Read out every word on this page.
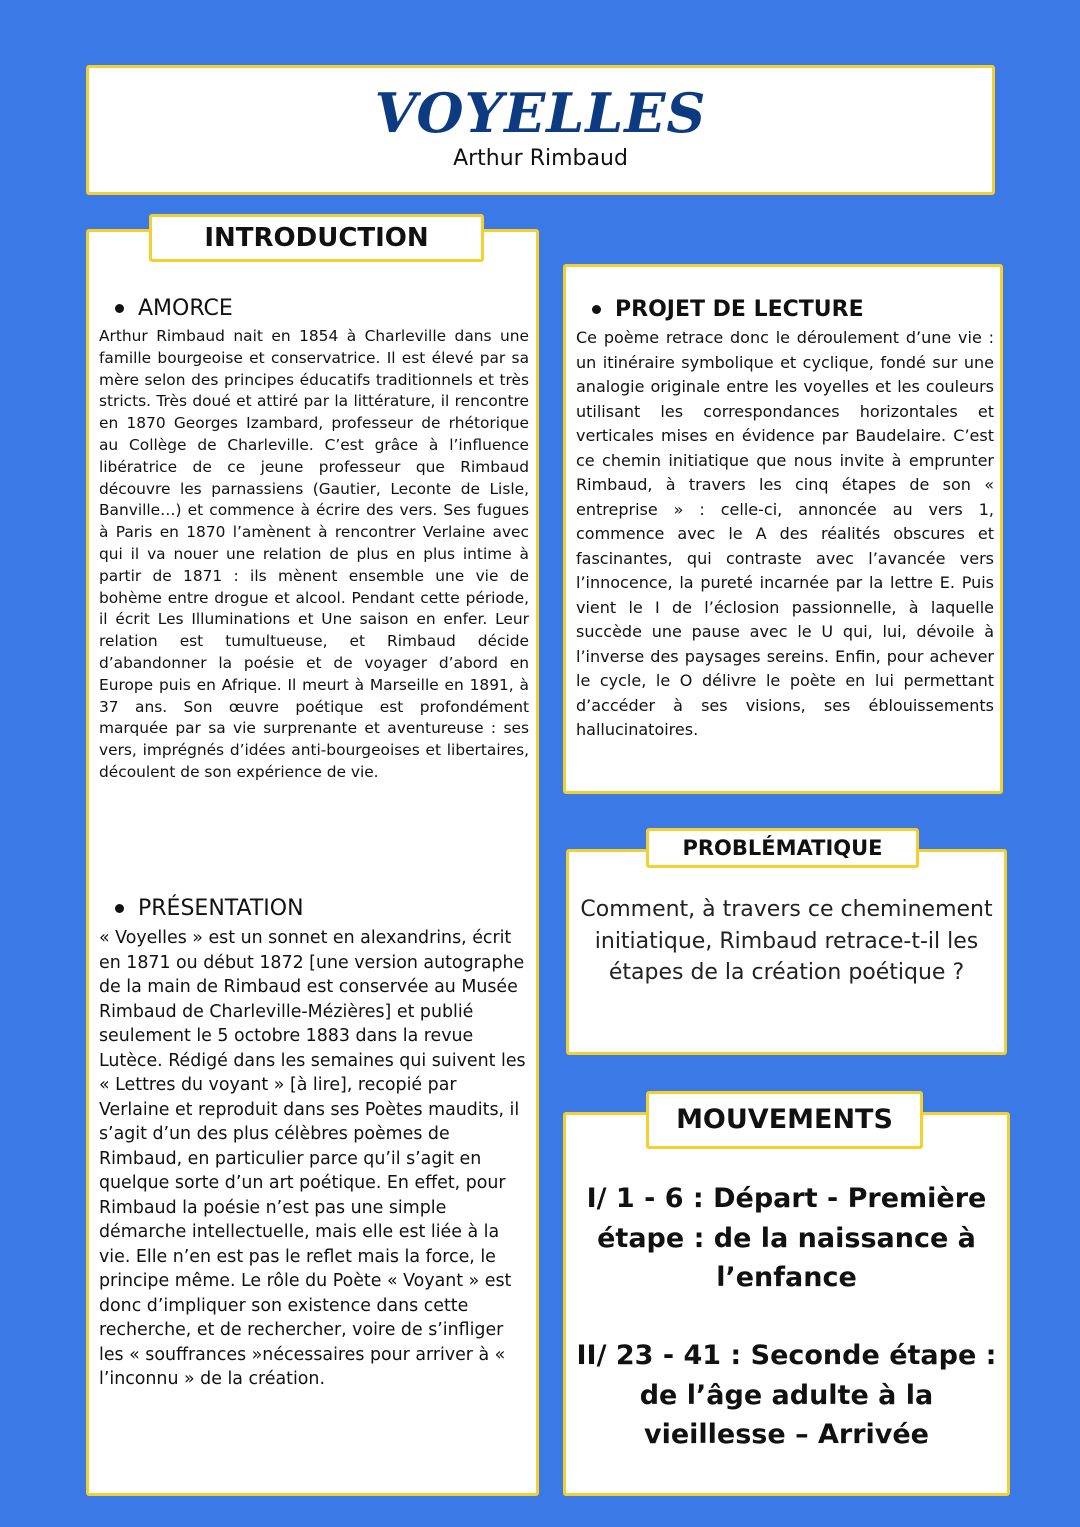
VOYELLES
Arthur Rimbaud
AMORCE
Arthur Rimbaud nait en 1854 à Charleville dans une famille bourgeoise et conservatrice. Il est élevé par sa mère selon des principes éducatifs traditionnels et très stricts. Très doué et attiré par la littérature, il rencontre en 1870 Georges Izambard, professeur de rhétorique au Collège de Charleville. C’est grâce à l’influence libératrice de ce jeune professeur que Rimbaud découvre les parnassiens (Gautier, Leconte de Lisle, Banville…) et commence à écrire des vers. Ses fugues à Paris en 1870 l’amènent à rencontrer Verlaine avec qui il va nouer une relation de plus en plus intime à partir de 1871 : ils mènent ensemble une vie de bohème entre drogue et alcool. Pendant cette période, il écrit Les Illuminations et Une saison en enfer. Leur relation est tumultueuse, et Rimbaud décide d’abandonner la poésie et de voyager d’abord en Europe puis en Afrique. Il meurt à Marseille en 1891, à 37 ans. Son œuvre poétique est profondément marquée par sa vie surprenante et aventureuse : ses vers, imprégnés d’idées anti-bourgeoises et libertaires, découlent de son expérience de vie.
PRÉSENTATION
« Voyelles » est un sonnet en alexandrins, écrit en 1871 ou début 1872 [une version autographe de la main de Rimbaud est conservée au Musée Rimbaud de Charleville-Mézières] et publié seulement le 5 octobre 1883 dans la revue Lutèce. Rédigé dans les semaines qui suivent les « Lettres du voyant » [à lire], recopié par Verlaine et reproduit dans ses Poètes maudits, il s’agit d’un des plus célèbres poèmes de Rimbaud, en particulier parce qu’il s’agit en quelque sorte d’un art poétique. En effet, pour Rimbaud la poésie n’est pas une simple démarche intellectuelle, mais elle est liée à la vie. Elle n’en est pas le reflet mais la force, le principe même. Le rôle du Poète « Voyant » est donc d’impliquer son existence dans cette recherche, et de rechercher, voire de s’infliger les « souffrances »nécessaires pour arriver à « l’inconnu » de la création.
INTRODUCTION
PROJET DE LECTURE
Ce poème retrace donc le déroulement d’une vie : un itinéraire symbolique et cyclique, fondé sur une analogie originale entre les voyelles et les couleurs utilisant les correspondances horizontales et verticales mises en évidence par Baudelaire. C’est ce chemin initiatique que nous invite à emprunter Rimbaud, à travers les cinq étapes de son « entreprise » : celle-ci, annoncée au vers 1, commence avec le A des réalités obscures et fascinantes, qui contraste avec l’avancée vers l’innocence, la pureté incarnée par la lettre E. Puis vient le I de l’éclosion passionnelle, à laquelle succède une pause avec le U qui, lui, dévoile à l’inverse des paysages sereins. Enfin, pour achever le cycle, le O délivre le poète en lui permettant d’accéder à ses visions, ses éblouissements hallucinatoires.
Comment, à travers ce cheminement initiatique, Rimbaud retrace-t-il les étapes de la création poétique ?
PROBLÉMATIQUE
I/ 1 - 6 : Départ - Première étape : de la naissance à l’enfance
II/ 23 - 41 : Seconde étape : de l’âge adulte à la vieillesse – Arrivée
MOUVEMENTS
